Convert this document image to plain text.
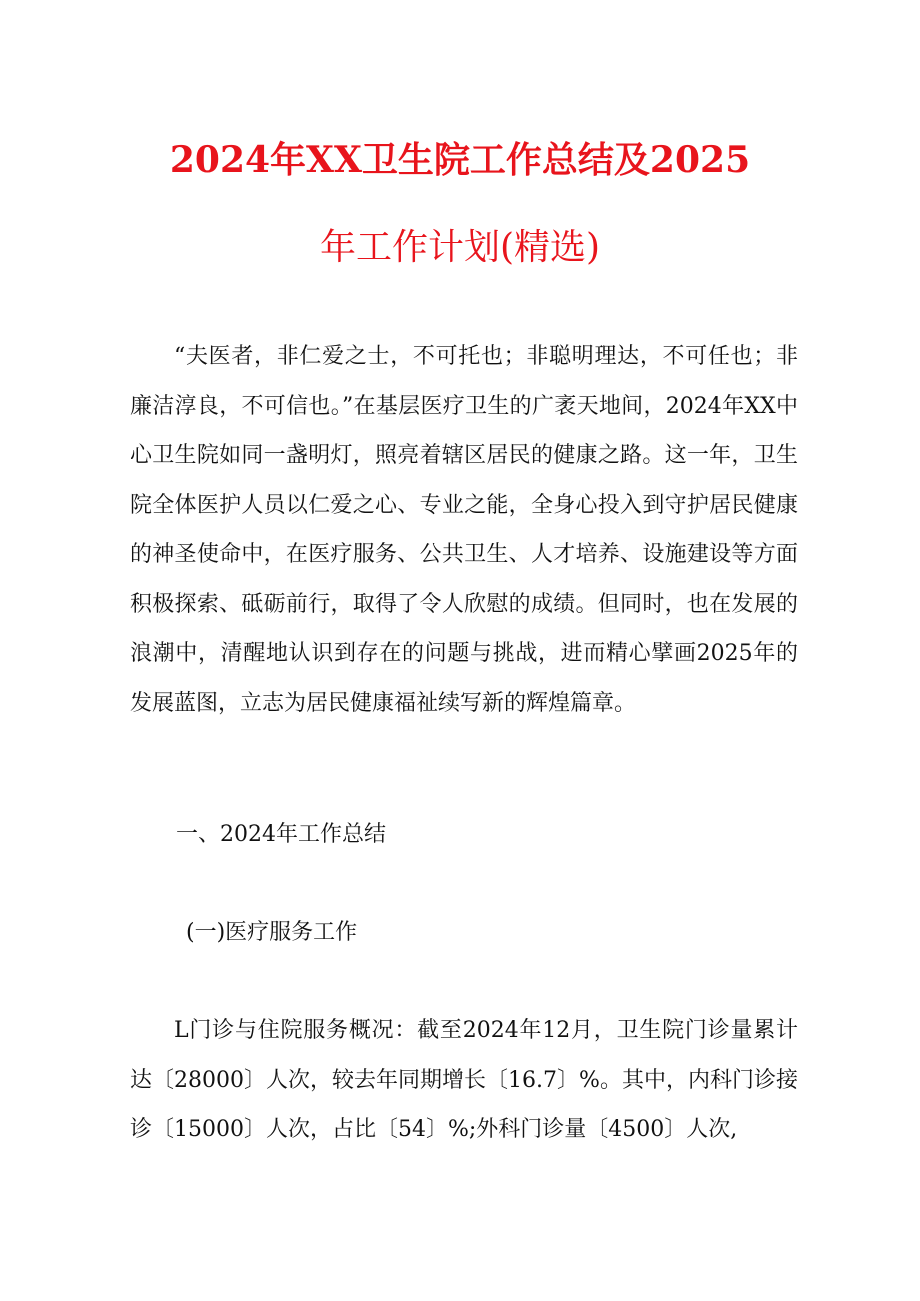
2024年XX卫生院工作总结及2025
年工作计划(精选)
“夫医者，非仁爱之士，不可托也；非聪明理达，不可任也；非廉洁淳良，不可信也。”在基层医疗卫生的广袤天地间，2024年XX中心卫生院如同一盏明灯，照亮着辖区居民的健康之路。这一年，卫生院全体医护人员以仁爱之心、专业之能，全身心投入到守护居民健康的神圣使命中，在医疗服务、公共卫生、人才培养、设施建设等方面积极探索、砥砺前行，取得了令人欣慰的成绩。但同时，也在发展的浪潮中，清醒地认识到存在的问题与挑战，进而精心擘画2025年的发展蓝图，立志为居民健康福祉续写新的辉煌篇章。
一、2024年工作总结
(一)医疗服务工作
L门诊与住院服务概况：截至2024年12月，卫生院门诊量累计达〔28000〕人次，较去年同期增长〔16.7〕%。其中，内科门诊接诊〔15000〕人次，占比〔54〕%;外科门诊量〔4500〕人次,
